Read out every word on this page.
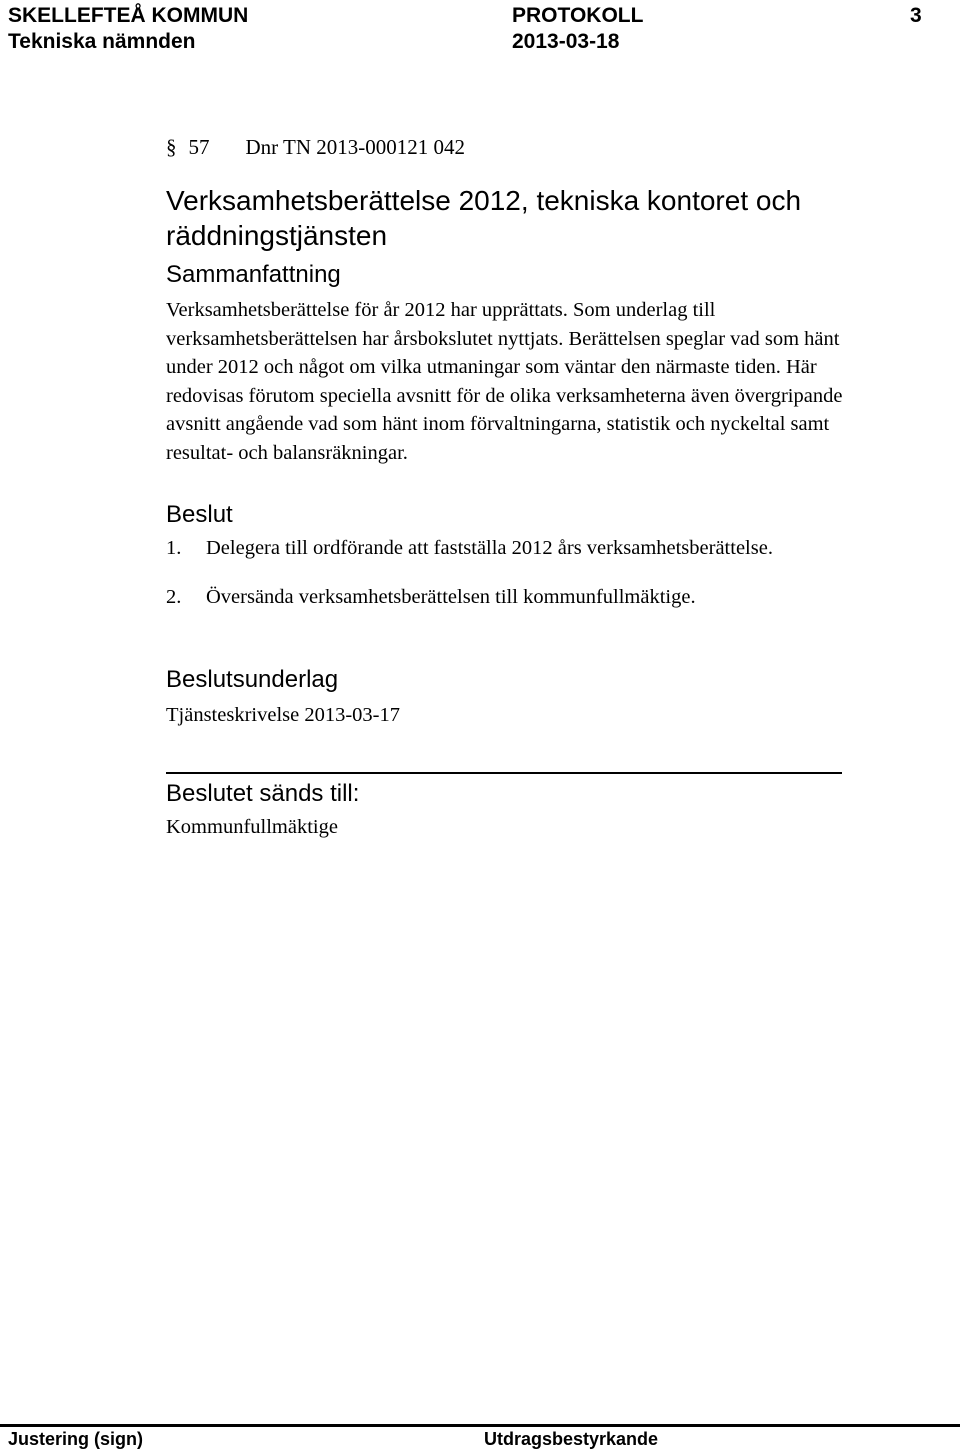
SKELLEFTEÅ KOMMUN
Tekniska nämnden
PROTOKOLL
2013-03-18
3
§ 57 Dnr TN 2013-000121 042
Verksamhetsberättelse 2012, tekniska kontoret och räddningstjänsten
Sammanfattning
Verksamhetsberättelse för år 2012 har upprättats. Som underlag till verksamhetsberättelsen har årsbokslutet nyttjats. Berättelsen speglar vad som hänt under 2012 och något om vilka utmaningar som väntar den närmaste tiden. Här redovisas förutom speciella avsnitt för de olika verksamheterna även övergripande avsnitt angående vad som hänt inom förvaltningarna, statistik och nyckeltal samt resultat- och balansräkningar.
Beslut
1. Delegera till ordförande att fastställa 2012 års verksamhetsberättelse.
2. Översända verksamhetsberättelsen till kommunfullmäktige.
Beslutsunderlag
Tjänsteskrivelse 2013-03-17
Beslutet sänds till:
Kommunfullmäktige
Justering (sign)	Utdragsbestyrkande
